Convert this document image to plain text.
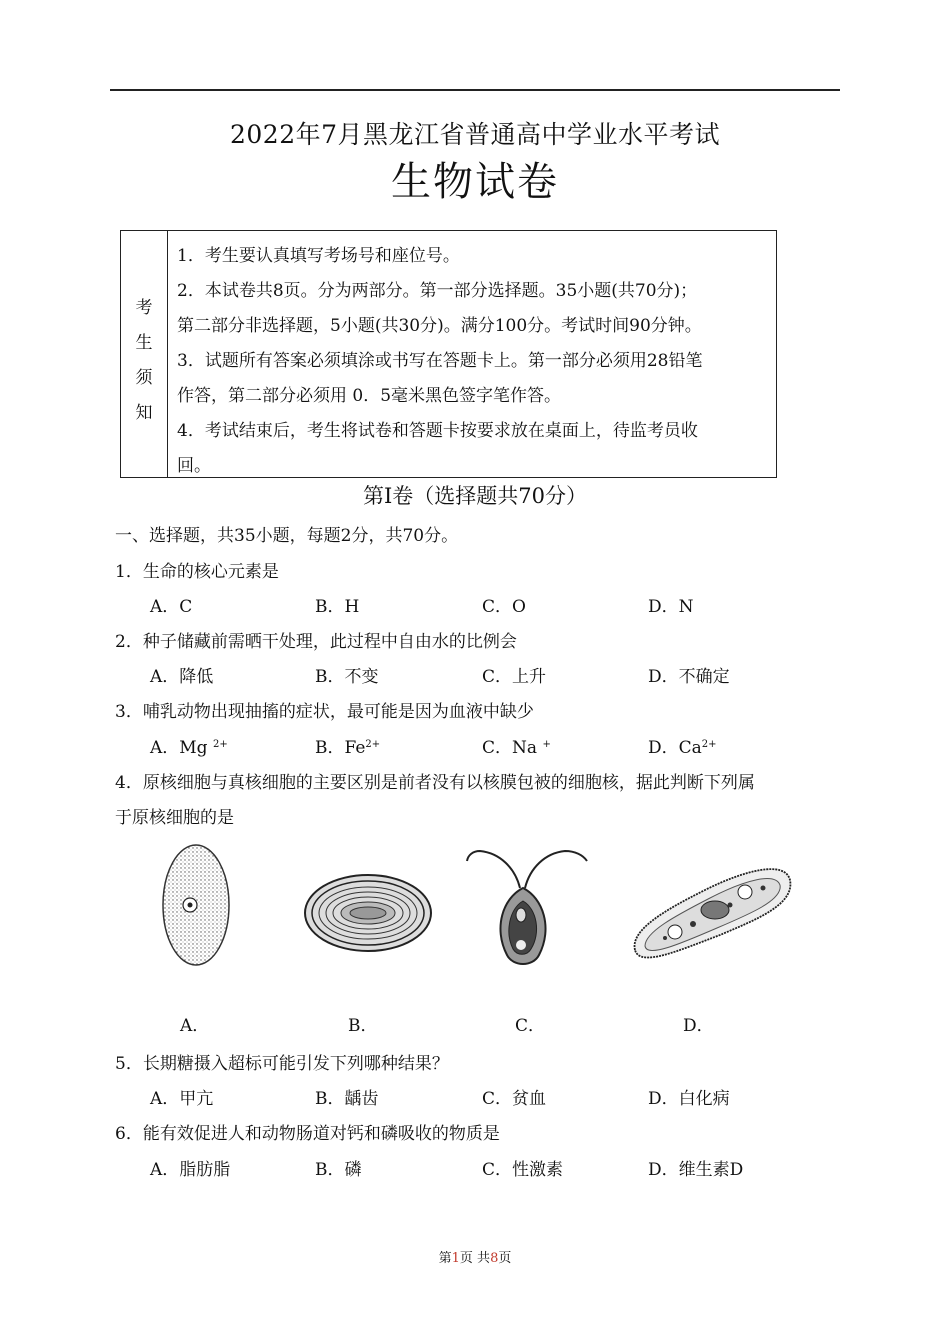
2022年7月黑龙江省普通高中学业水平考试
生物试卷
考
生
须
知
1．考生要认真填写考场号和座位号。
2．本试卷共8页。分为两部分。第一部分选择题。35小题(共70分)；
第二部分非选择题，5小题(共30分)。满分100分。考试时间90分钟。
3．试题所有答案必须填涂或书写在答题卡上。第一部分必须用28铅笔
作答，第二部分必须用 0．5毫米黑色签字笔作答。
4．考试结束后，考生将试卷和答题卡按要求放在桌面上，待监考员收
回。
第Ⅰ卷（选择题共70分）
一、选择题，共35小题，每题2分，共70分。
1．生命的核心元素是
A．C	B．H	C．O	D．N
2．种子储藏前需晒干处理，此过程中自由水的比例会
A．降低	B．不变	C．上升	D．不确定
3．哺乳动物出现抽搐的症状，最可能是因为血液中缺少
A．Mg $^{2+}$	B．$Fe^{2+}$	C．Na +	D．$Ca^{2+}$
4．原核细胞与真核细胞的主要区别是前者没有以核膜包被的细胞核，据此判断下列属
于原核细胞的是
A．	B．	C．	D．
5．长期糖摄入超标可能引发下列哪种结果？
A．甲亢	B．龋齿	C．贫血	D．白化病
6．能有效促进人和动物肠道对钙和磷吸收的物质是
A．脂肪脂	B．磷	C．性激素	D．维生素D
第1页 共8页
